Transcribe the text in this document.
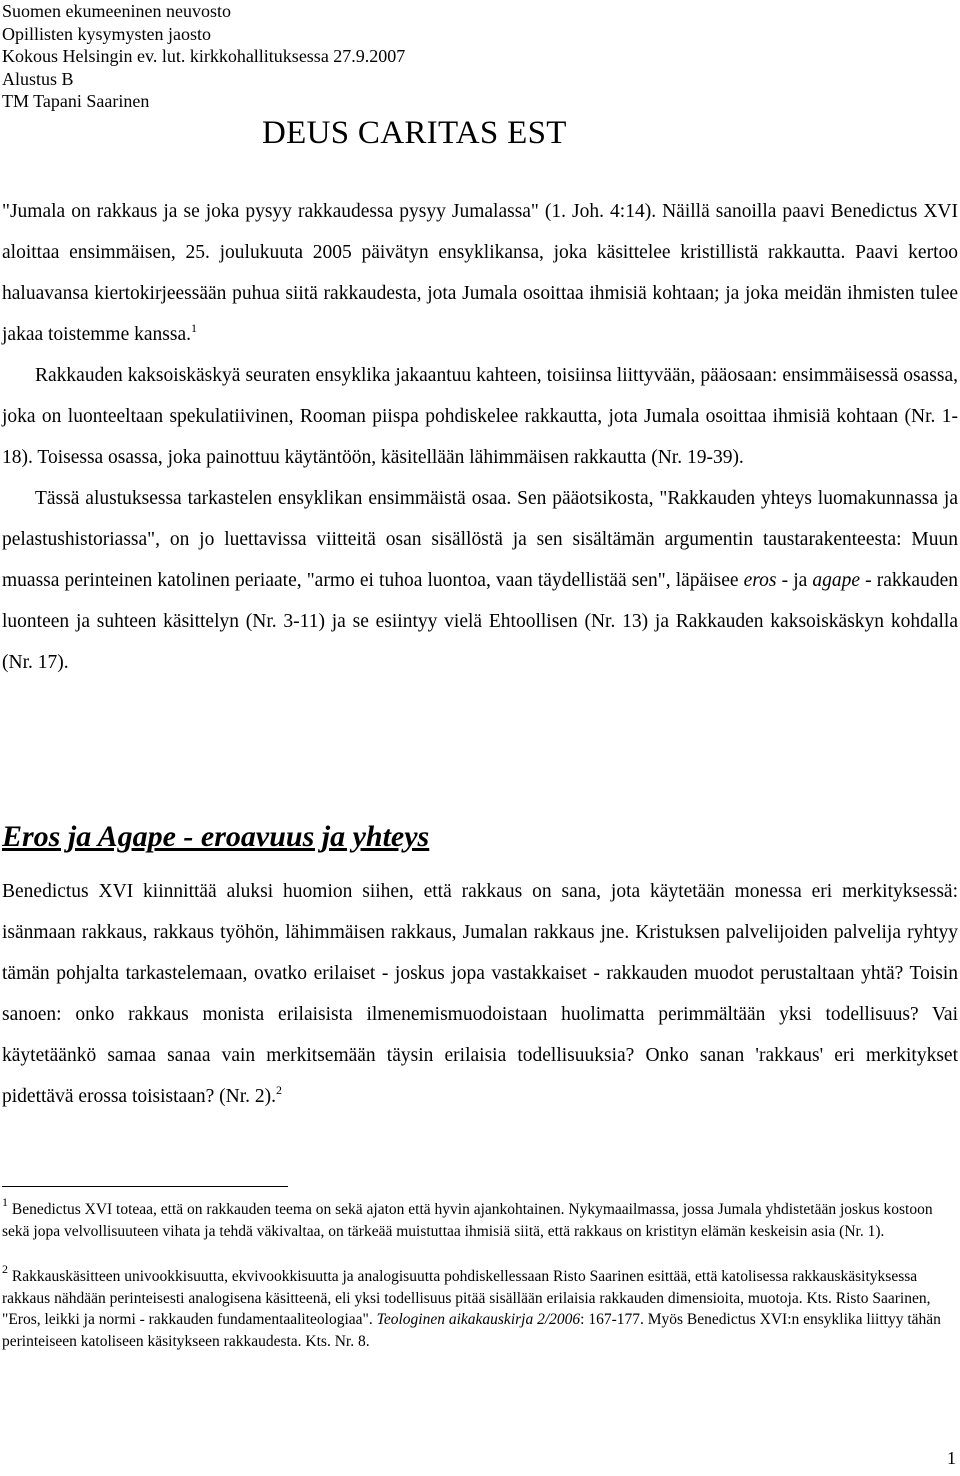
Suomen ekumeeninen neuvosto
Opillisten kysymysten jaosto
Kokous Helsingin ev. lut. kirkkohallituksessa 27.9.2007
Alustus B
TM Tapani Saarinen
DEUS CARITAS EST

"Jumala on rakkaus ja se joka pysyy rakkaudessa pysyy Jumalassa" (1. Joh. 4:14). Näillä sanoilla paavi Benedictus XVI aloittaa ensimmäisen, 25. joulukuuta 2005 päivätyn ensyklikansa, joka käsittelee kristillistä rakkautta. Paavi kertoo haluavansa kiertokirjeessään puhua siitä rakkaudesta, jota Jumala osoittaa ihmisiä kohtaan; ja joka meidän ihmisten tulee jakaa toistemme kanssa.$^1$

Rakkauden kaksoiskäskyä seuraten ensyklika jakaantuu kahteen, toisiinsa liittyvään, pääosaan: ensimmäisessä osassa, joka on luonteeltaan spekulatiivinen, Rooman piispa pohdiskelee rakkautta, jota Jumala osoittaa ihmisiä kohtaan (Nr. 1-18). Toisessa osassa, joka painottuu käytäntöön, käsitellään lähimmäisen rakkautta (Nr. 19-39).

Tässä alustuksessa tarkastelen ensyklikan ensimmäistä osaa. Sen pääotsikosta, "Rakkauden yhteys luomakunnassa ja pelastushistoriassa", on jo luettavissa viitteitä osan sisällöstä ja sen sisältämän argumentin taustarakenteesta: Muun muassa perinteinen katolinen periaate, "armo ei tuhoa luontoa, vaan täydellistää sen", läpäisee eros - ja agape - rakkauden luonteen ja suhteen käsittelyn (Nr. 3-11) ja se esiintyy vielä Ehtoollisen (Nr. 13) ja Rakkauden kaksoiskäskyn kohdalla (Nr. 17).

Eros ja Agape - eroavuus ja yhteys

Benedictus XVI kiinnittää aluksi huomion siihen, että rakkaus on sana, jota käytetään monessa eri merkityksessä: isänmaan rakkaus, rakkaus työhön, lähimmäisen rakkaus, Jumalan rakkaus jne. Kristuksen palvelijoiden palvelija ryhtyy tämän pohjalta tarkastelemaan, ovatko erilaiset - joskus jopa vastakkaiset - rakkauden muodot perustaltaan yhtä? Toisin sanoen: onko rakkaus monista erilaisista ilmenemismuodoistaan huolimatta perimmältään yksi todellisuus? Vai käytetäänkö samaa sanaa vain merkitsemään täysin erilaisia todellisuuksia? Onko sanan 'rakkaus' eri merkitykset pidettävä erossa toisistaan? (Nr. 2).$^2$

$^1$ Benedictus XVI toteaa, että on rakkauden teema on sekä ajaton että hyvin ajankohtainen. Nykymaailmassa, jossa Jumala yhdistetään joskus kostoon sekä jopa velvollisuuteen vihata ja tehdä väkivaltaa, on tärkeää muistuttaa ihmisiä siitä, että rakkaus on kristityn elämän keskeisin asia (Nr. 1).

$^2$ Rakkauskäsitteen univookkisuutta, ekvivookkisuutta ja analogisuutta pohdiskellessaan Risto Saarinen esittää, että katolisessa rakkauskäsityksessa rakkaus nähdään perinteisesti analogisena käsitteenä, eli yksi todellisuus pitää sisällään erilaisia rakkauden dimensioita, muotoja. Kts. Risto Saarinen, "Eros, leikki ja normi - rakkauden fundamentaaliteologiaa". Teologinen aikakauskirja 2/2006: 167-177. Myös Benedictus XVI:n ensyklika liittyy tähän perinteiseen katoliseen käsitykseen rakkaudesta. Kts. Nr. 8.

1
